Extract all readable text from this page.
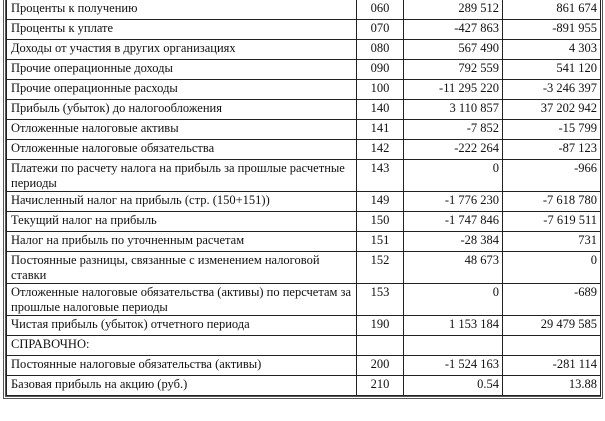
Проценты к получению	060	289 512	861 674
Проценты к уплате	070	-427 863	-891 955
Доходы от участия в других организациях	080	567 490	4 303
Прочие операционные доходы	090	792 559	541 120
Прочие операционные расходы	100	-11 295 220	-3 246 397
Прибыль (убыток) до налогообложения	140	3 110 857	37 202 942
Отложенные налоговые активы	141	-7 852	-15 799
Отложенные налоговые обязательства	142	-222 264	-87 123
Платежи по расчету налога на прибыль за прошлые расчетные периоды	143	0	-966
Начисленный налог на прибыль (стр. (150+151))	149	-1 776 230	-7 618 780
Текущий налог на прибыль	150	-1 747 846	-7 619 511
Налог на прибыль по уточненным расчетам	151	-28 384	731
Постоянные разницы, связанные с изменением налоговой ставки	152	48 673	0
Отложенные налоговые обязательства (активы) по персчетам за прошлые налоговые периоды	153	0	-689
Чистая прибыль (убыток) отчетного периода	190	1 153 184	29 479 585
СПРАВОЧНО:			
Постоянные налоговые обязательства (активы)	200	-1 524 163	-281 114
Базовая прибыль на акцию (руб.)	210	0.54	13.88
